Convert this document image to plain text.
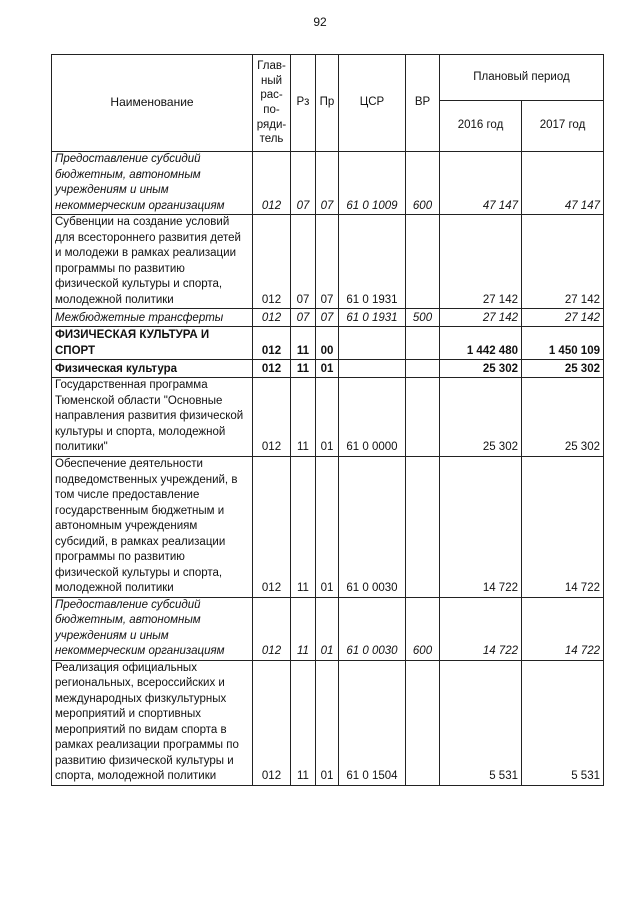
92
Наименование	Глав-ный рас-по-ряди-тель	Рз	Пр	ЦСР	ВР	Плановый период	
						2016 год	2017 год
Предоставление субсидий бюджетным, автономным учреждениям и иным некоммерческим организациям	012	07	07	61 0 1009	600	47 147	47 147
Субвенции на создание условий для всестороннего развития детей и молодежи в рамках реализации программы по развитию физической культуры и спорта, молодежной политики	012	07	07	61 0 1931		27 142	27 142
Межбюджетные трансферты	012	07	07	61 0 1931	500	27 142	27 142
ФИЗИЧЕСКАЯ КУЛЬТУРА И СПОРТ	012	11	00			1 442 480	1 450 109
Физическая культура	012	11	01			25 302	25 302
Государственная программа Тюменской области "Основные направления развития физической культуры и спорта, молодежной политики"	012	11	01	61 0 0000		25 302	25 302
Обеспечение деятельности подведомственных учреждений, в том числе предоставление государственным бюджетным и автономным учреждениям субсидий, в рамках реализации программы по развитию физической культуры и спорта, молодежной политики	012	11	01	61 0 0030		14 722	14 722
Предоставление субсидий бюджетным, автономным учреждениям и иным некоммерческим организациям	012	11	01	61 0 0030	600	14 722	14 722
Реализация официальных региональных, всероссийских и международных физкультурных мероприятий и спортивных мероприятий по видам спорта в рамках реализации программы по развитию физической культуры и спорта, молодежной политики	012	11	01	61 0 1504		5 531	5 531
